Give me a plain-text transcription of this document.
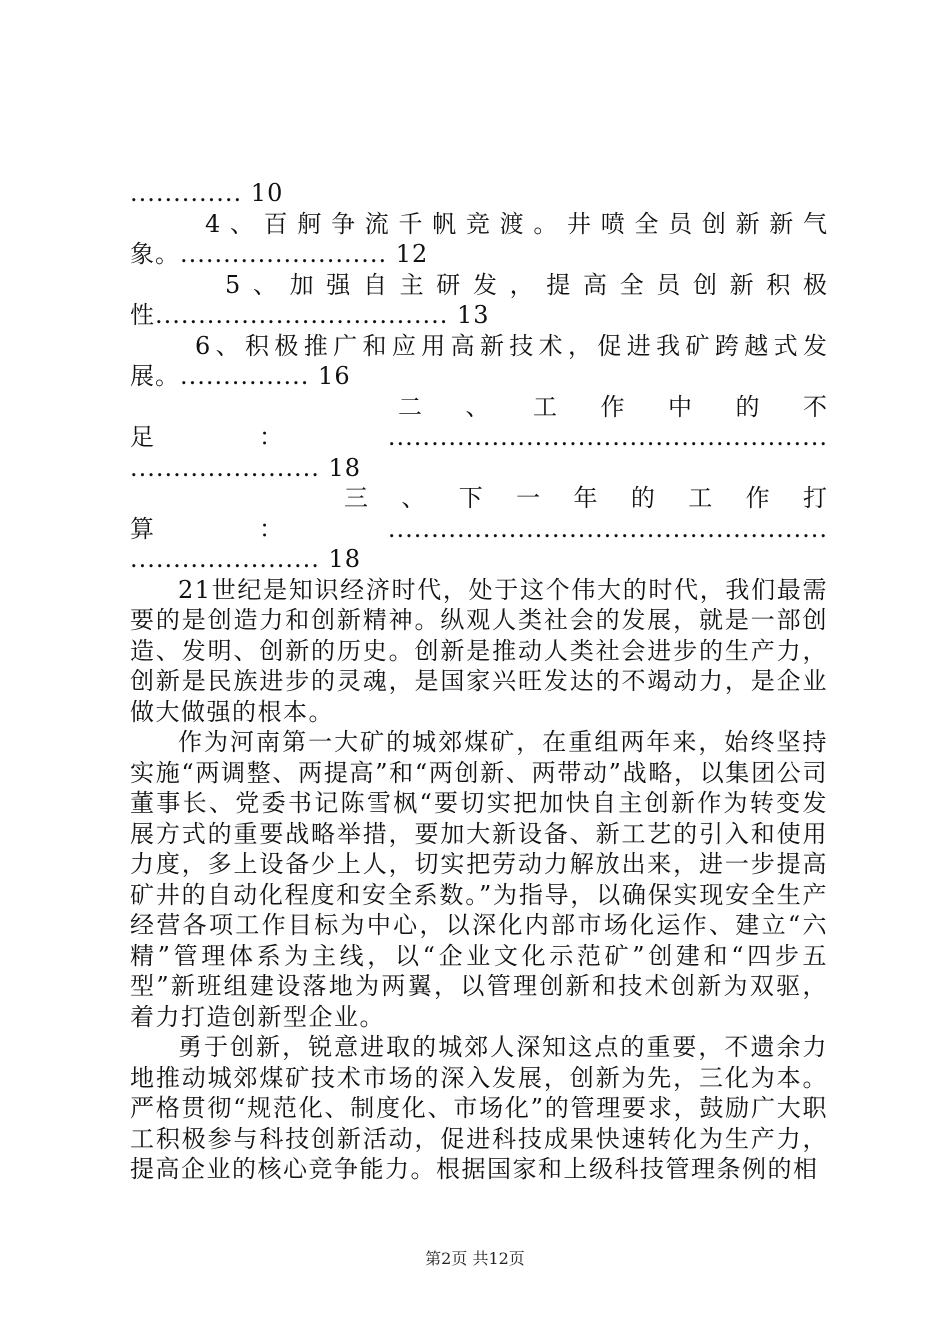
............. 10
4、百舸争流千帆竞渡。井喷全员创新新气
象。........................ 12
5、加强自主研发，提高全员创新积极
性.................................. 13
6、积极推广和应用高新技术，促进我矿跨越式发
展。............... 16
二、工作中的不
足：...................................................
...................... 18
三、下一年的工作打
算：...................................................
...................... 18

21世纪是知识经济时代，处于这个伟大的时代，我们最需要的是创造力和创新精神。纵观人类社会的发展，就是一部创造、发明、创新的历史。创新是推动人类社会进步的生产力，创新是民族进步的灵魂，是国家兴旺发达的不竭动力，是企业做大做强的根本。

作为河南第一大矿的城郊煤矿，在重组两年来，始终坚持实施“两调整、两提高”和“两创新、两带动”战略，以集团公司董事长、党委书记陈雪枫“要切实把加快自主创新作为转变发展方式的重要战略举措，要加大新设备、新工艺的引入和使用力度，多上设备少上人，切实把劳动力解放出来，进一步提高矿井的自动化程度和安全系数。”为指导，以确保实现安全生产经营各项工作目标为中心，以深化内部市场化运作、建立“六精”管理体系为主线，以“企业文化示范矿”创建和“四步五型”新班组建设落地为两翼，以管理创新和技术创新为双驱，着力打造创新型企业。

勇于创新，锐意进取的城郊人深知这点的重要，不遗余力地推动城郊煤矿技术市场的深入发展，创新为先，三化为本。严格贯彻“规范化、制度化、市场化”的管理要求，鼓励广大职工积极参与科技创新活动，促进科技成果快速转化为生产力，提高企业的核心竞争能力。根据国家和上级科技管理条例的相

第2页 共12页
